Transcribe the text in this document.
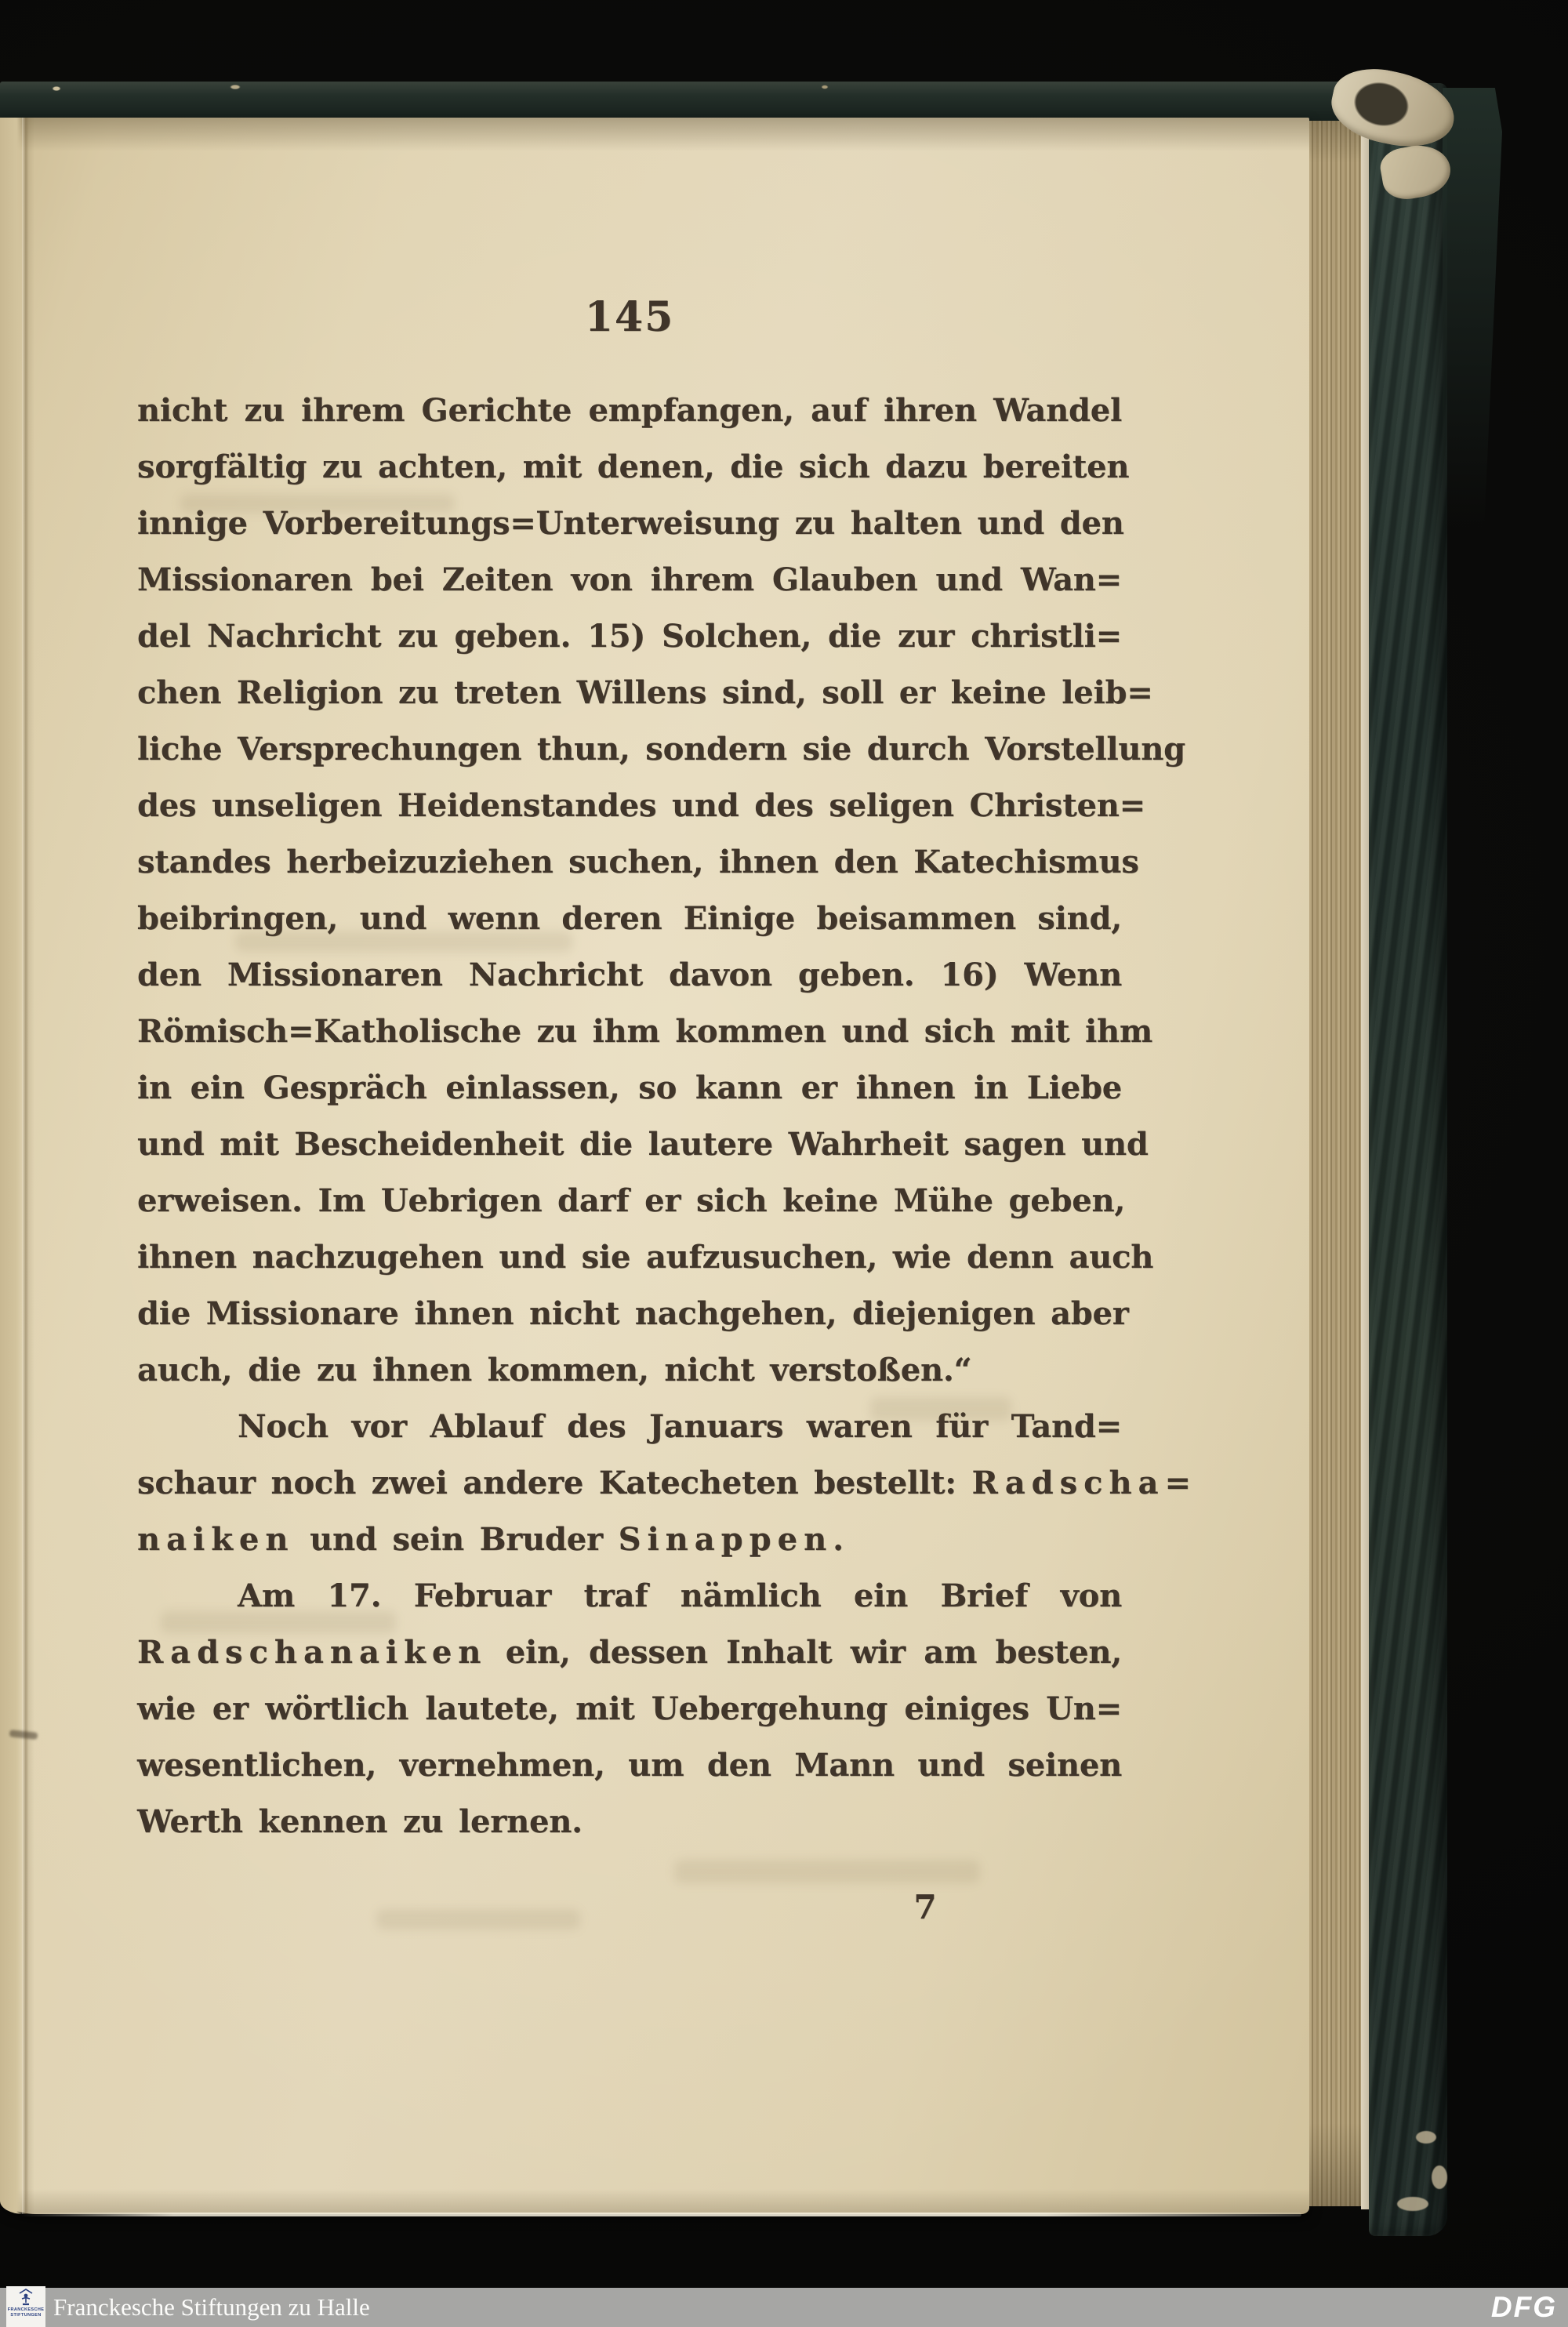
145
nicht zu ihrem Gerichte empfangen, auf ihren Wandel
sorgfältig zu achten, mit denen, die sich dazu bereiten
innige Vorbereitungs=Unterweisung zu halten und den
Missionaren bei Zeiten von ihrem Glauben und Wan=
del Nachricht zu geben. 15) Solchen, die zur christli=
chen Religion zu treten Willens sind, soll er keine leib=
liche Versprechungen thun, sondern sie durch Vorstellung
des unseligen Heidenstandes und des seligen Christen=
standes herbeizuziehen suchen, ihnen den Katechismus
beibringen, und wenn deren Einige beisammen sind,
den Missionaren Nachricht davon geben. 16) Wenn
Römisch=Katholische zu ihm kommen und sich mit ihm
in ein Gespräch einlassen, so kann er ihnen in Liebe
und mit Bescheidenheit die lautere Wahrheit sagen und
erweisen. Im Uebrigen darf er sich keine Mühe geben,
ihnen nachzugehen und sie aufzusuchen, wie denn auch
die Missionare ihnen nicht nachgehen, diejenigen aber
auch, die zu ihnen kommen, nicht verstoßen.“
Noch vor Ablauf des Januars waren für Tand=
schaur noch zwei andere Katecheten bestellt: Radscha=
naiken und sein Bruder Sinappen.
Am 17. Februar traf nämlich ein Brief von
Radschanaiken ein, dessen Inhalt wir am besten,
wie er wörtlich lautete, mit Uebergehung einiges Un=
wesentlichen, vernehmen, um den Mann und seinen
Werth kennen zu lernen.
7
FRANCKESCHE
STIFTUNGEN Franckesche Stiftungen zu Halle	DFG
